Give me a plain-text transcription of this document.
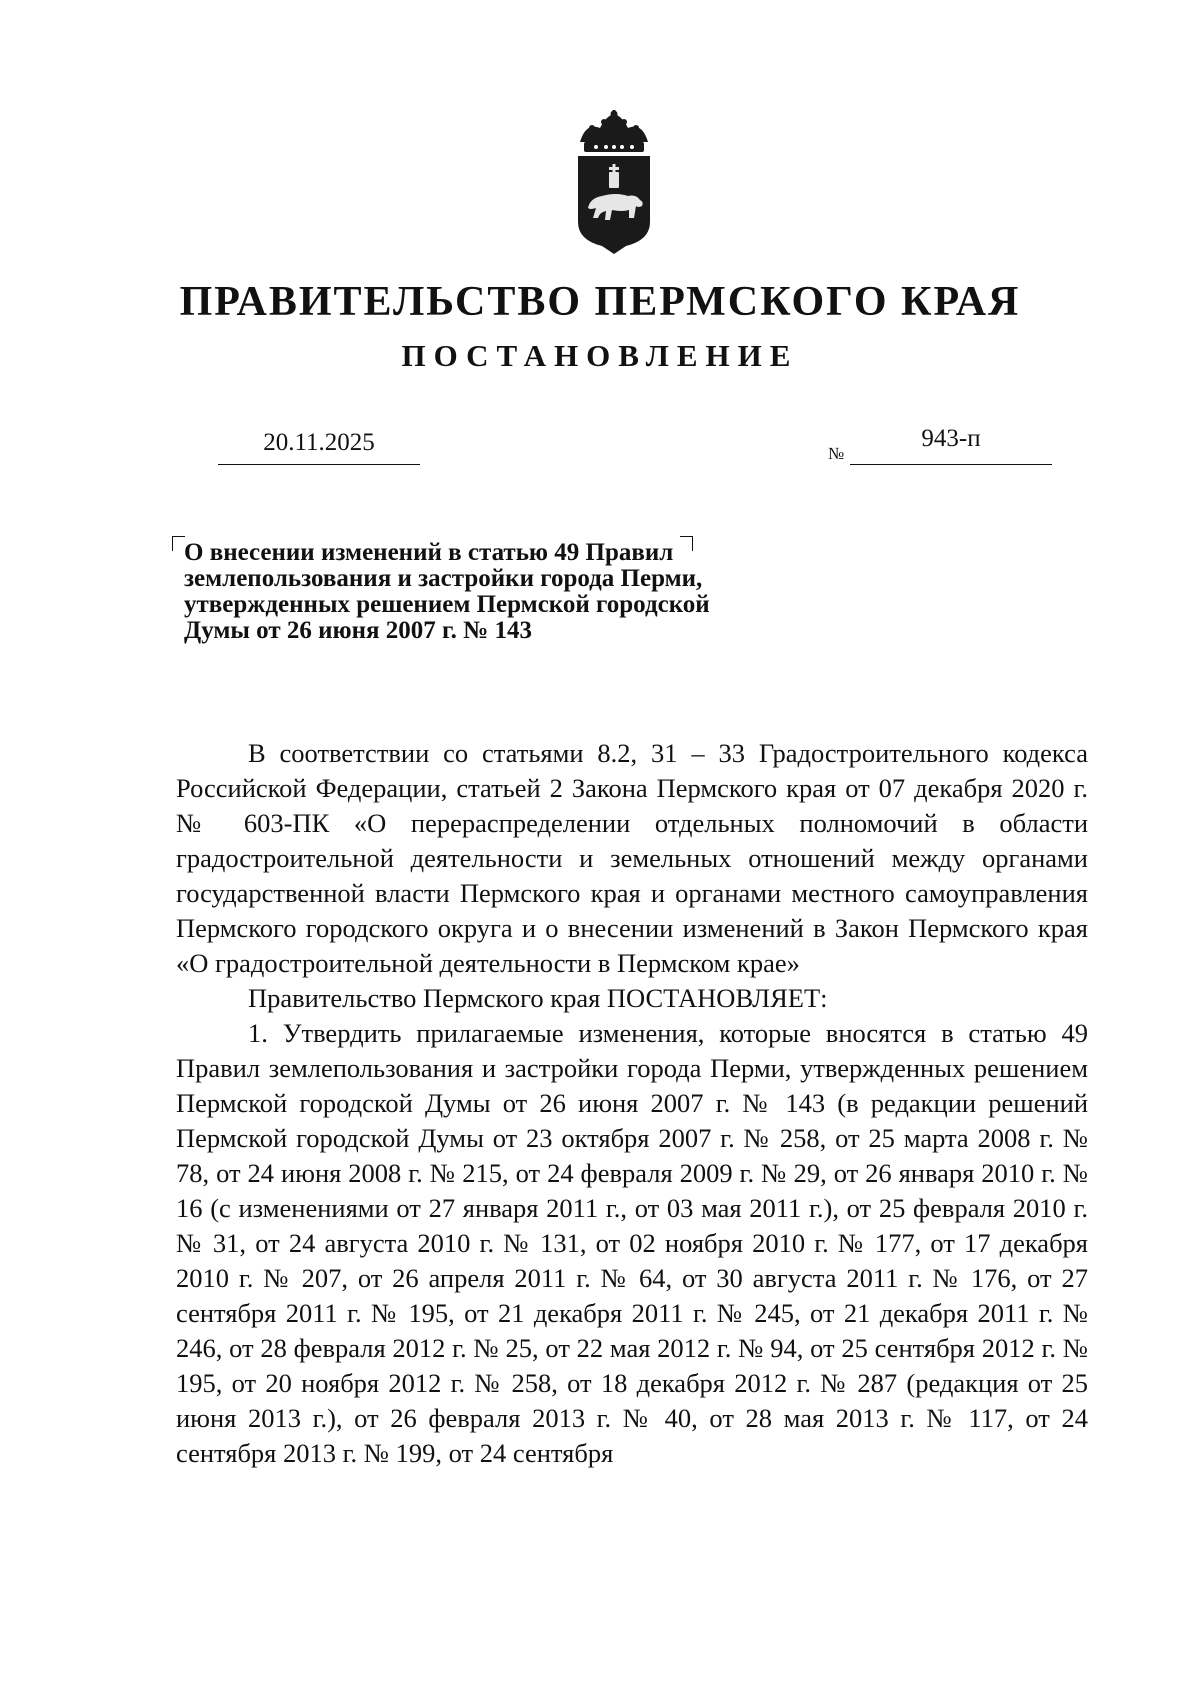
ПРАВИТЕЛЬСТВО ПЕРМСКОГО КРАЯ
ПОСТАНОВЛЕНИЕ
20.11.2025	№
943-п

О внесении изменений в статью 49 Правил землепользования и застройки города Перми, утвержденных решением Пермской городской Думы от 26 июня 2007 г. № 143

В соответствии со статьями 8.2, 31 – 33 Градостроительного кодекса Российской Федерации, статьей 2 Закона Пермского края от 07 декабря 2020 г. № 603-ПК «О перераспределении отдельных полномочий в области градостроительной деятельности и земельных отношений между органами государственной власти Пермского края и органами местного самоуправления Пермского городского округа и о внесении изменений в Закон Пермского края «О градостроительной деятельности в Пермском крае»

Правительство Пермского края ПОСТАНОВЛЯЕТ:

1. Утвердить прилагаемые изменения, которые вносятся в статью 49 Правил землепользования и застройки города Перми, утвержденных решением Пермской городской Думы от 26 июня 2007 г. № 143 (в редакции решений Пермской городской Думы от 23 октября 2007 г. № 258, от 25 марта 2008 г. № 78, от 24 июня 2008 г. № 215, от 24 февраля 2009 г. № 29, от 26 января 2010 г. № 16 (с изменениями от 27 января 2011 г., от 03 мая 2011 г.), от 25 февраля 2010 г. № 31, от 24 августа 2010 г. № 131, от 02 ноября 2010 г. № 177, от 17 декабря 2010 г. № 207, от 26 апреля 2011 г. № 64, от 30 августа 2011 г. № 176, от 27 сентября 2011 г. № 195, от 21 декабря 2011 г. № 245, от 21 декабря 2011 г. № 246, от 28 февраля 2012 г. № 25, от 22 мая 2012 г. № 94, от 25 сентября 2012 г. № 195, от 20 ноября 2012 г. № 258, от 18 декабря 2012 г. № 287 (редакция от 25 июня 2013 г.), от 26 февраля 2013 г. № 40, от 28 мая 2013 г. № 117, от 24 сентября 2013 г. № 199, от 24 сентября
